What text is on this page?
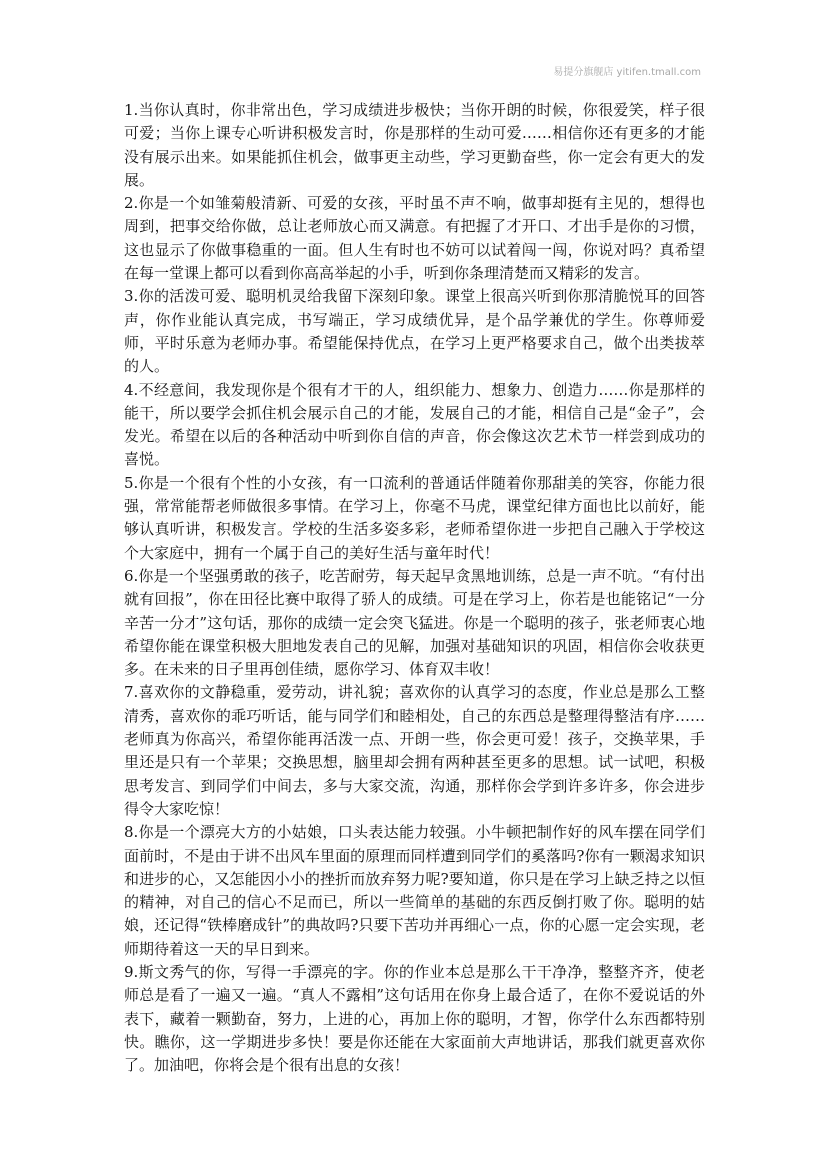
易提分旗舰店 yitifen.tmall.com

1.当你认真时，你非常出色，学习成绩进步极快；当你开朗的时候，你很爱笑，样子很可爱；当你上课专心听讲积极发言时，你是那样的生动可爱……相信你还有更多的才能没有展示出来。如果能抓住机会，做事更主动些，学习更勤奋些，你一定会有更大的发展。

2.你是一个如雏菊般清新、可爱的女孩，平时虽不声不响，做事却挺有主见的，想得也周到，把事交给你做，总让老师放心而又满意。有把握了才开口、才出手是你的习惯，这也显示了你做事稳重的一面。但人生有时也不妨可以试着闯一闯，你说对吗？真希望在每一堂课上都可以看到你高高举起的小手，听到你条理清楚而又精彩的发言。

3.你的活泼可爱、聪明机灵给我留下深刻印象。课堂上很高兴听到你那清脆悦耳的回答声，你作业能认真完成，书写端正，学习成绩优异，是个品学兼优的学生。你尊师爱师，平时乐意为老师办事。希望能保持优点，在学习上更严格要求自己，做个出类拔萃的人。

4.不经意间，我发现你是个很有才干的人，组织能力、想象力、创造力……你是那样的能干，所以要学会抓住机会展示自己的才能，发展自己的才能，相信自己是“金子”，会发光。希望在以后的各种活动中听到你自信的声音，你会像这次艺术节一样尝到成功的喜悦。

5.你是一个很有个性的小女孩，有一口流利的普通话伴随着你那甜美的笑容，你能力很强，常常能帮老师做很多事情。在学习上，你毫不马虎，课堂纪律方面也比以前好，能够认真听讲，积极发言。学校的生活多姿多彩，老师希望你进一步把自己融入于学校这个大家庭中，拥有一个属于自己的美好生活与童年时代！

6.你是一个坚强勇敢的孩子，吃苦耐劳，每天起早贪黑地训练，总是一声不吭。“有付出就有回报”，你在田径比赛中取得了骄人的成绩。可是在学习上，你若是也能铭记“一分辛苦一分才”这句话，那你的成绩一定会突飞猛进。你是一个聪明的孩子，张老师衷心地希望你能在课堂积极大胆地发表自己的见解，加强对基础知识的巩固，相信你会收获更多。在未来的日子里再创佳绩，愿你学习、体育双丰收！

7.喜欢你的文静稳重，爱劳动，讲礼貌；喜欢你的认真学习的态度，作业总是那么工整清秀，喜欢你的乖巧听话，能与同学们和睦相处，自己的东西总是整理得整洁有序……老师真为你高兴，希望你能再活泼一点、开朗一些，你会更可爱！孩子，交换苹果，手里还是只有一个苹果；交换思想，脑里却会拥有两种甚至更多的思想。试一试吧，积极思考发言、到同学们中间去，多与大家交流，沟通，那样你会学到许多许多，你会进步得令大家吃惊！

8.你是一个漂亮大方的小姑娘，口头表达能力较强。小牛顿把制作好的风车摆在同学们面前时，不是由于讲不出风车里面的原理而同样遭到同学们的奚落吗?你有一颗渴求知识和进步的心，又怎能因小小的挫折而放弃努力呢?要知道，你只是在学习上缺乏持之以恒的精神，对自己的信心不足而已，所以一些简单的基础的东西反倒打败了你。聪明的姑娘，还记得“铁棒磨成针”的典故吗?只要下苦功并再细心一点，你的心愿一定会实现，老师期待着这一天的早日到来。

9.斯文秀气的你，写得一手漂亮的字。你的作业本总是那么干干净净，整整齐齐，使老师总是看了一遍又一遍。“真人不露相”这句话用在你身上最合适了，在你不爱说话的外表下，藏着一颗勤奋，努力，上进的心，再加上你的聪明，才智，你学什么东西都特别快。瞧你，这一学期进步多快！要是你还能在大家面前大声地讲话，那我们就更喜欢你了。加油吧，你将会是个很有出息的女孩！
